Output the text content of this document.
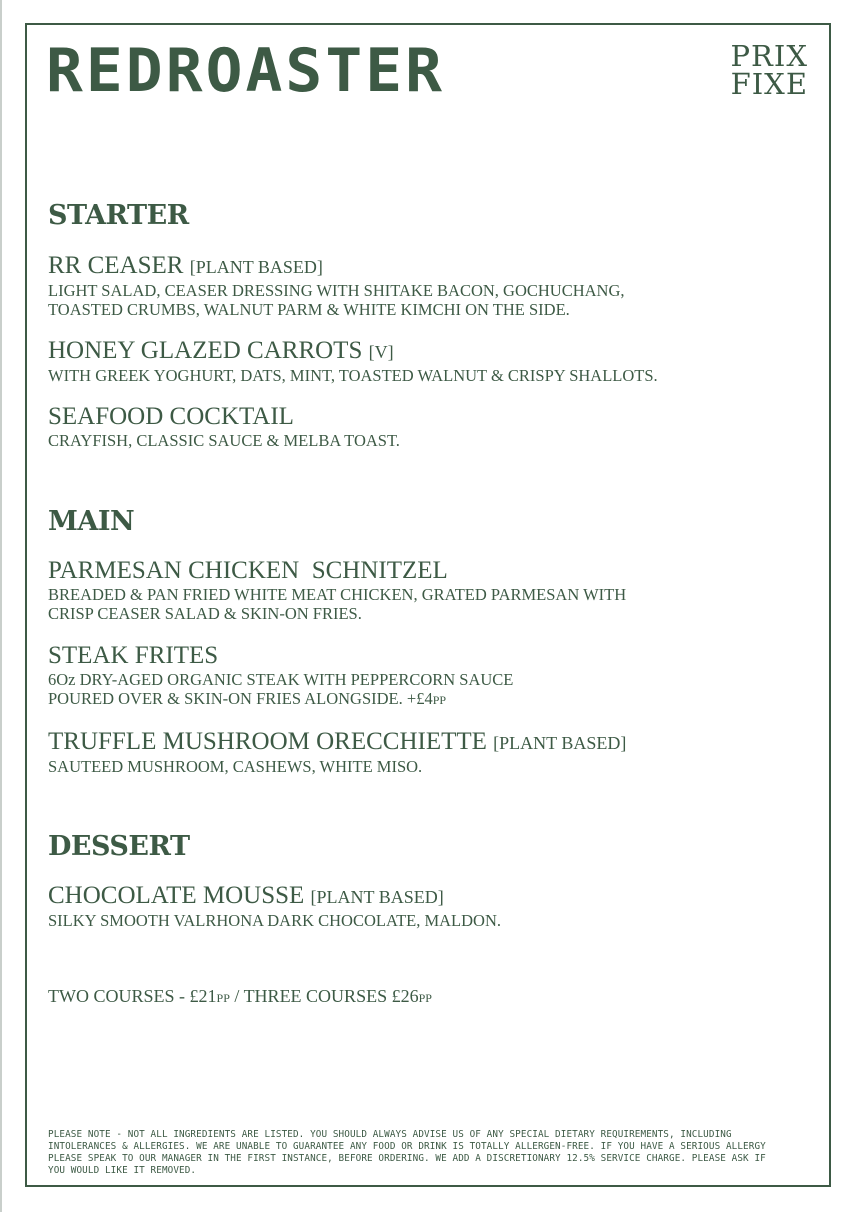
REDROASTER	PRIX
FIXE
STARTER
RR CEASER [PLANT BASED]
LIGHT SALAD, CEASER DRESSING WITH SHITAKE BACON, GOCHUCHANG,
TOASTED CRUMBS, WALNUT PARM & WHITE KIMCHI ON THE SIDE.
HONEY GLAZED CARROTS [V]
WITH GREEK YOGHURT, DATS, MINT, TOASTED WALNUT & CRISPY SHALLOTS.
SEAFOOD COCKTAIL
CRAYFISH, CLASSIC SAUCE & MELBA TOAST.
MAIN
PARMESAN CHICKEN  SCHNITZEL
BREADED & PAN FRIED WHITE MEAT CHICKEN, GRATED PARMESAN WITH
CRISP CEASER SALAD & SKIN-ON FRIES.
STEAK FRITES
6Oz DRY-AGED ORGANIC STEAK WITH PEPPERCORN SAUCE
POURED OVER & SKIN-ON FRIES ALONGSIDE. +£4PP
TRUFFLE MUSHROOM ORECCHIETTE [PLANT BASED]
SAUTEED MUSHROOM, CASHEWS, WHITE MISO.
DESSERT
CHOCOLATE MOUSSE [PLANT BASED]
SILKY SMOOTH VALRHONA DARK CHOCOLATE, MALDON.
TWO COURSES - £21PP / THREE COURSES £26PP
PLEASE NOTE - NOT ALL INGREDIENTS ARE LISTED. YOU SHOULD ALWAYS ADVISE US OF ANY SPECIAL DIETARY REQUIREMENTS, INCLUDING INTOLERANCES & ALLERGIES. WE ARE UNABLE TO GUARANTEE ANY FOOD OR DRINK IS TOTALLY ALLERGEN-FREE. IF YOU HAVE A SERIOUS ALLERGY PLEASE SPEAK TO OUR MANAGER IN THE FIRST INSTANCE, BEFORE ORDERING. WE ADD A DISCRETIONARY 12.5% SERVICE CHARGE. PLEASE ASK IF YOU WOULD LIKE IT REMOVED.
